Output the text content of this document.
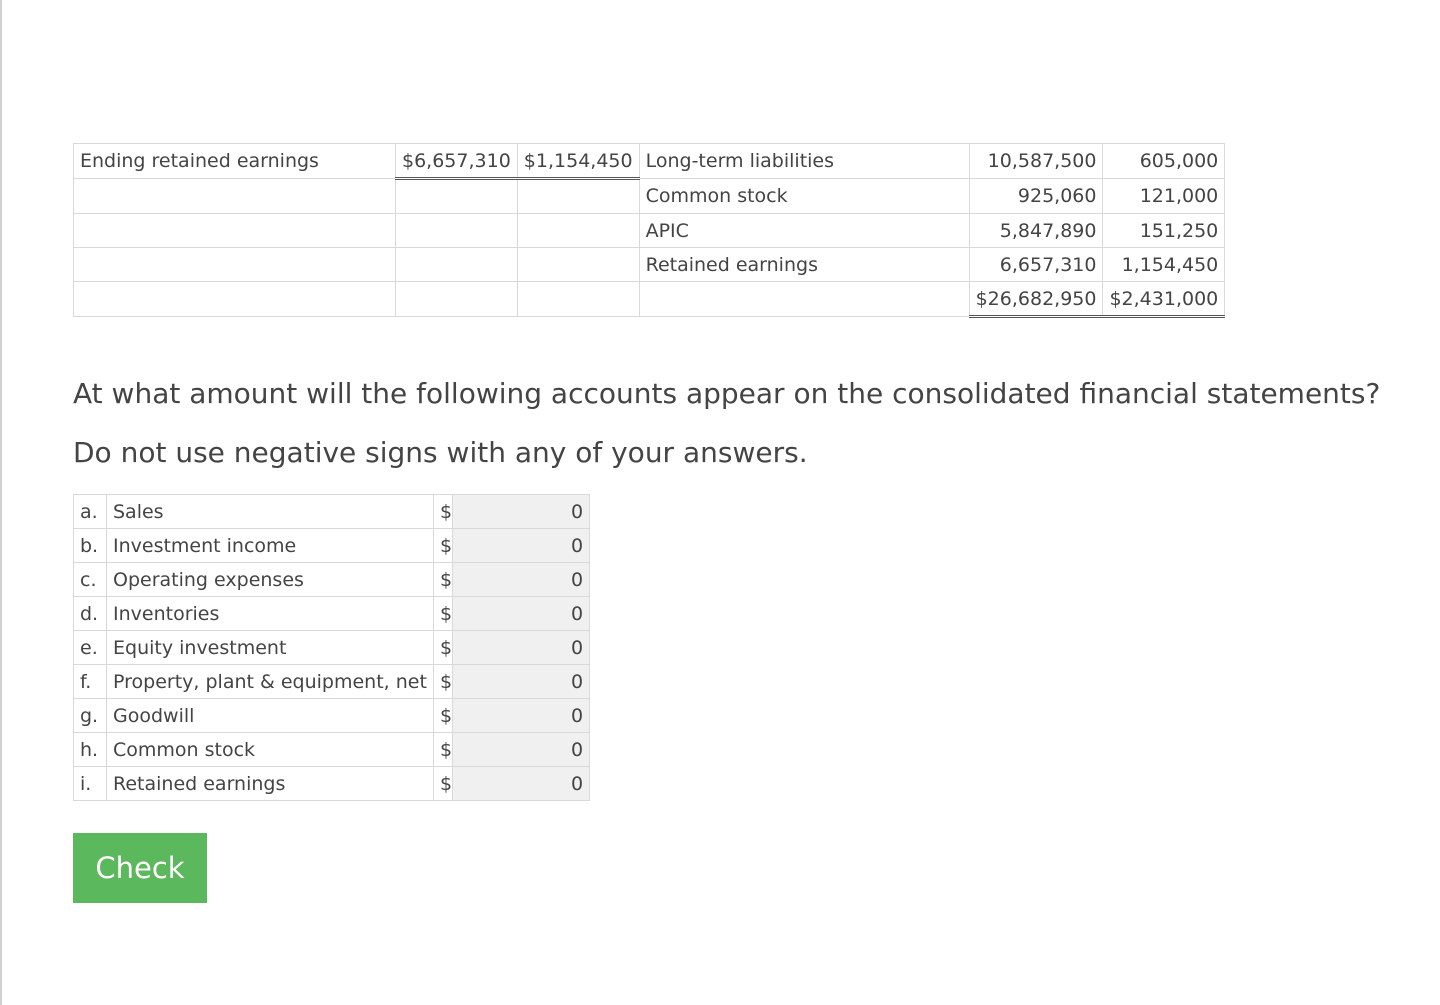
Ending retained earnings	$6,657,310	$1,154,450	Long-term liabilities	10,587,500	605,000
			Common stock	925,060	121,000
			APIC	5,847,890	151,250
			Retained earnings	6,657,310	1,154,450
				$26,682,950	$2,431,000
At what amount will the following accounts appear on the consolidated financial statements?
Do not use negative signs with any of your answers.
a.	Sales	$	0
b.	Investment income	$	0
c.	Operating expenses	$	0
d.	Inventories	$	0
e.	Equity investment	$	0
f.	Property, plant & equipment, net	$	0
g.	Goodwill	$	0
h.	Common stock	$	0
i.	Retained earnings	$	0
Check
